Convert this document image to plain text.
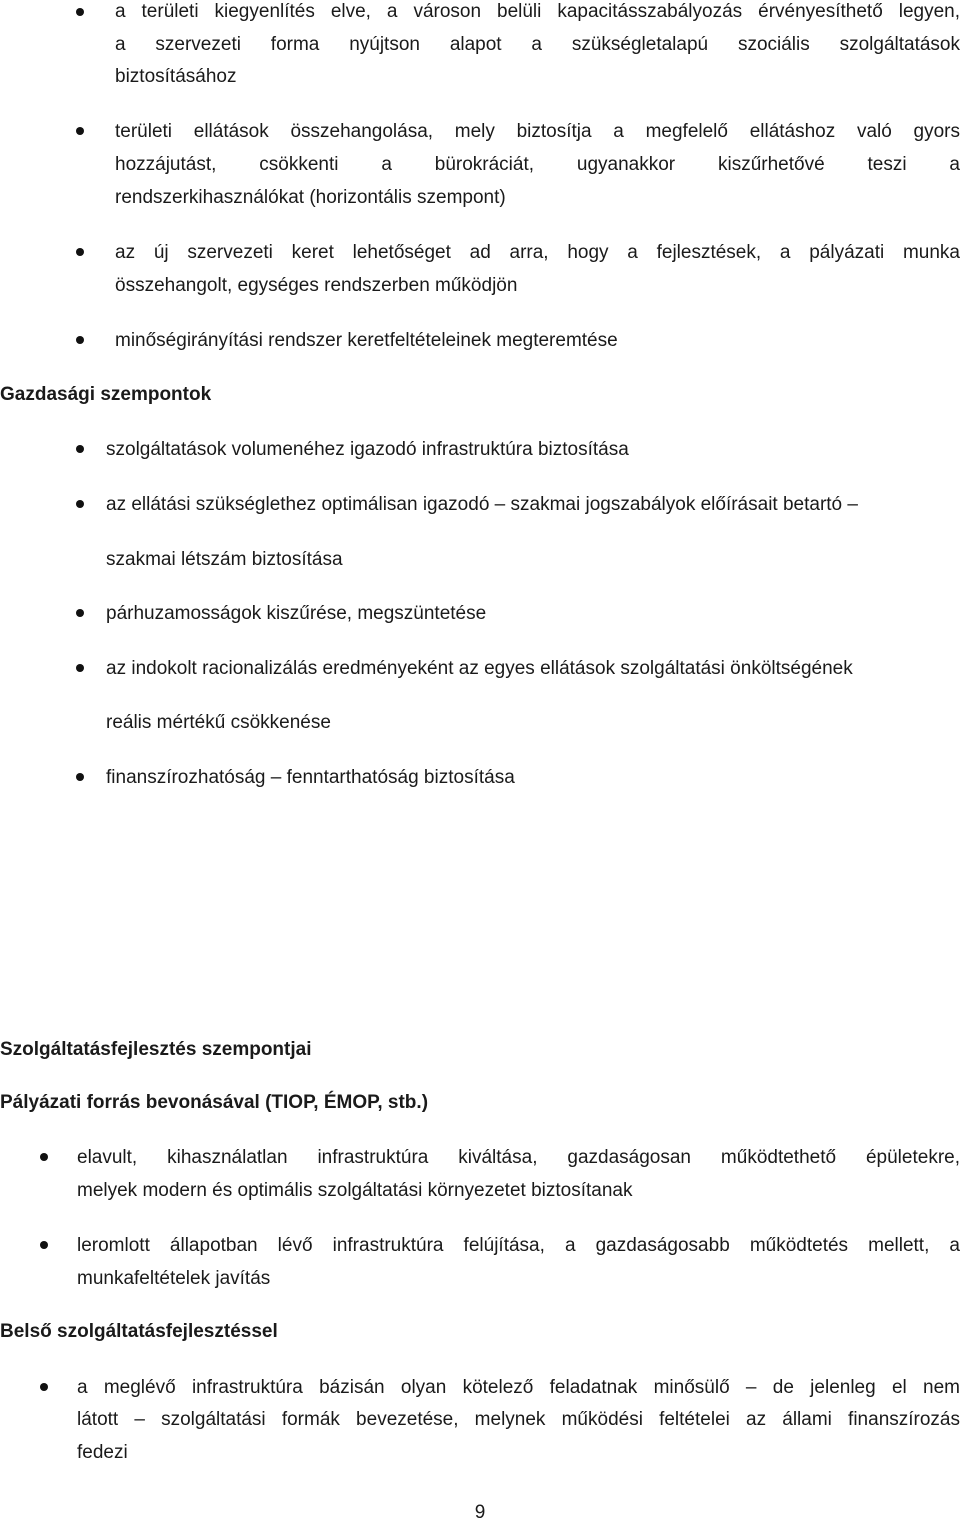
a területi kiegyenlítés elve, a városon belüli kapacitásszabályozás érvényesíthető legyen,
a szervezeti forma nyújtson alapot a szükségletalapú szociális szolgáltatások
biztosításához
területi ellátások összehangolása, mely biztosítja a megfelelő ellátáshoz való gyors
hozzájutást, csökkenti a bürokráciát, ugyanakkor kiszűrhetővé teszi a
rendszerkihasználókat (horizontális szempont)
az új szervezeti keret lehetőséget ad arra, hogy a fejlesztések, a pályázati munka
összehangolt, egységes rendszerben működjön
minőségirányítási rendszer keretfeltételeinek megteremtése
Gazdasági szempontok
szolgáltatások volumenéhez igazodó infrastruktúra biztosítása
az ellátási szükséglethez optimálisan igazodó – szakmai jogszabályok előírásait betartó –
szakmai létszám biztosítása
párhuzamosságok kiszűrése, megszüntetése
az indokolt racionalizálás eredményeként az egyes ellátások szolgáltatási önköltségének
reális mértékű csökkenése
finanszírozhatóság – fenntarthatóság biztosítása
Szolgáltatásfejlesztés szempontjai
Pályázati forrás bevonásával (TIOP, ÉMOP, stb.)
elavult, kihasználatlan infrastruktúra kiváltása, gazdaságosan működtethető épületekre,
melyek modern és optimális szolgáltatási környezetet biztosítanak
leromlott állapotban lévő infrastruktúra felújítása, a gazdaságosabb működtetés mellett, a
munkafeltételek javítás
Belső szolgáltatásfejlesztéssel
a meglévő infrastruktúra bázisán olyan kötelező feladatnak minősülő – de jelenleg el nem
látott – szolgáltatási formák bevezetése, melynek működési feltételei az állami finanszírozás
fedezi
9
